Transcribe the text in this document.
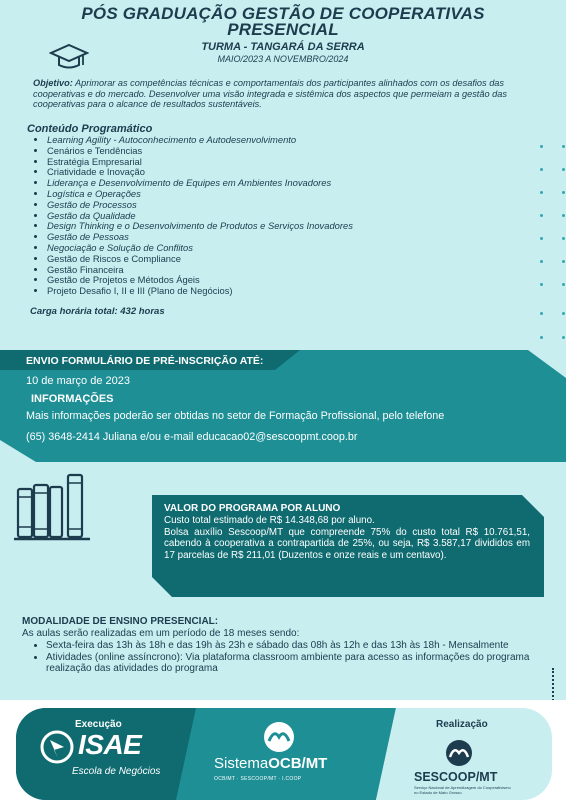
PÓS GRADUAÇÃO GESTÃO DE COOPERATIVAS
PRESENCIAL
TURMA - TANGARÁ DA SERRA
MAIO/2023 A NOVEMBRO/2024
Objetivo: Aprimorar as competências técnicas e comportamentais dos participantes alinhados com os desafios das cooperativas e do mercado. Desenvolver uma visão integrada e sistêmica dos aspectos que permeiam a gestão das cooperativas para o alcance de resultados sustentáveis.
Conteúdo Programático
• Learning Agility - Autoconhecimento e Autodesenvolvimento
• Cenários e Tendências
• Estratégia Empresarial
• Criatividade e Inovação
• Liderança e Desenvolvimento de Equipes em Ambientes Inovadores
• Logística e Operações
• Gestão de Processos
• Gestão da Qualidade
• Design Thinking e o Desenvolvimento de Produtos e Serviços Inovadores
• Gestão de Pessoas
• Negociação e Solução de Conflitos
• Gestão de Riscos e Compliance
• Gestão Financeira
• Gestão de Projetos e Métodos Ágeis
• Projeto Desafio I, II e III (Plano de Negócios)
Carga horária total: 432 horas
ENVIO FORMULÁRIO DE PRÉ-INSCRIÇÃO ATÉ:
10 de março de 2023
INFORMAÇÕES
Mais informações poderão ser obtidas no setor de Formação Profissional, pelo telefone
(65) 3648-2414 Juliana e/ou e-mail educacao02@sescoopmt.coop.br
VALOR DO PROGRAMA POR ALUNO

Custo total estimado de R$ 14.348,68 por aluno.

Bolsa auxílio Sescoop/MT que compreende 75% do custo total R$ 10.761,51, cabendo à cooperativa a contrapartida de 25%, ou seja, R$ 3.587,17 divididos em 17 parcelas de R$ 211,01 (Duzentos e onze reais e um centavo).

MODALIDADE DE ENSINO PRESENCIAL:
As aulas serão realizadas em um período de 18 meses sendo:
• Sexta-feira das 13h às 18h e das 19h às 23h e sábado das 08h às 12h e das 13h às 18h - Mensalmente
• Atividades (online assíncrono): Via plataforma classroom ambiente para acesso as informações do programa realização das atividades do programa
Execução
ISAE
Escola de Negócios	SistemaOCB/MT
OCB/MT · SESCOOP/MT · I.COOP
Realização
SESCOOP/MT
Serviço Nacional de Aprendizagem do Cooperativismo no Estado de Mato Grosso
